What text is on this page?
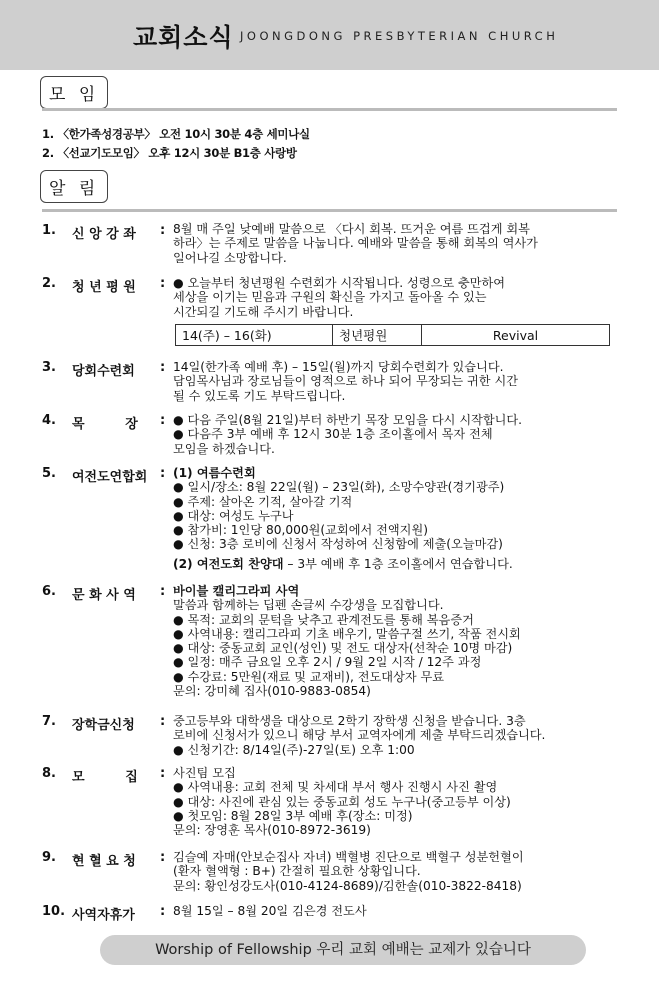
교회소식 JOONGDONG PRESBYTERIAN CHURCH
모 임
1. 〈한가족성경공부〉 오전 10시 30분 4층 세미나실
2. 〈선교기도모임〉 오후 12시 30분 B1층 사랑방
알 림
1. 신 앙 강 좌	: 8월 매 주일 낮예배 말씀으로 〈다시 회복. 뜨거운 여름 뜨겁게 회복
하라〉는 주제로 말씀을 나눕니다. 예배와 말씀을 통해 회복의 역사가
일어나길 소망합니다.
2. 청 년 평 원	: ● 오늘부터 청년평원 수련회가 시작됩니다. 성령으로 충만하여
세상을 이기는 믿음과 구원의 확신을 가지고 돌아올 수 있는
시간되길 기도해 주시기 바랍니다.
14(주) – 16(화)	청년평원	Revival
3. 당회수련회	: 14일(한가족 예배 후) – 15일(월)까지 당회수련회가 있습니다.
담임목사님과 장로님들이 영적으로 하나 되어 무장되는 귀한 시간
될 수 있도록 기도 부탁드립니다.
4. 목         장	: ● 다음 주일(8월 21일)부터 하반기 목장 모임을 다시 시작합니다.
● 다음주 3부 예배 후 12시 30분 1층 조이홀에서 목자 전체
모임을 하겠습니다.
5. 여전도연합회 : (1) 여름수련회
● 일시/장소: 8월 22일(월) – 23일(화), 소망수양관(경기광주)
● 주제: 살아온 기적, 살아갈 기적
● 대상: 여성도 누구나
● 참가비: 1인당 80,000원(교회에서 전액지원)
● 신청: 3층 로비에 신청서 작성하여 신청함에 제출(오늘마감)
(2) 여전도회 찬양대 – 3부 예배 후 1층 조이홀에서 연습합니다.
6. 문 화 사 역	: 바이블 캘리그라피 사역
말씀과 함께하는 딥펜 손글씨 수강생을 모집합니다.
● 목적: 교회의 문턱을 낮추고 관계전도를 통해 복음증거
● 사역내용: 캘리그라피 기초 배우기, 말씀구절 쓰기, 작품 전시회
● 대상: 중동교회 교인(성인) 및 전도 대상자(선착순 10명 마감)
● 일정: 매주 금요일 오후 2시 / 9월 2일 시작 / 12주 과정
● 수강료: 5만원(재료 및 교재비), 전도대상자 무료
문의: 강미혜 집사(010-9883-0854)
7. 장학금신청	: 중고등부와 대학생을 대상으로 2학기 장학생 신청을 받습니다. 3층
로비에 신청서가 있으니 해당 부서 교역자에게 제출 부탁드리겠습니다.
● 신청기간: 8/14일(주)-27일(토) 오후 1:00
8. 모         집	: 사진팀 모집
● 사역내용: 교회 전체 및 차세대 부서 행사 진행시 사진 촬영
● 대상: 사진에 관심 있는 중동교회 성도 누구나(중고등부 이상)
● 첫모임: 8월 28일 3부 예배 후(장소: 미정)
문의: 장영훈 목사(010-8972-3619)
9. 현 혈 요 청	: 김슬예 자매(안보순집사 자녀) 백혈병 진단으로 백혈구 성분헌혈이
(환자 혈액형 : B+) 간절히 필요한 상황입니다.
문의: 황인성강도사(010-4124-8689)/김한솔(010-3822-8418)
10. 사역자휴가	: 8월 15일 – 8월 20일 김은경 전도사
Worship of Fellowship 우리 교회 예배는 교제가 있습니다
